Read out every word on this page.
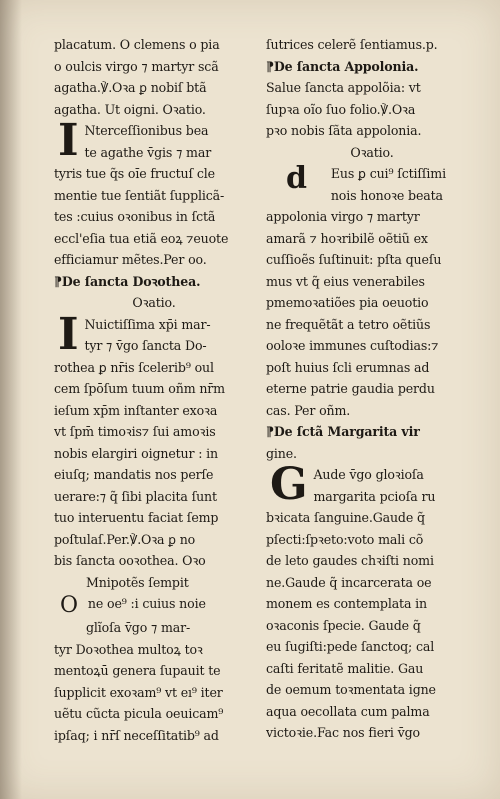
placatum. O clemens o pia
o oulcis virgo ⁊ martyr scã
agatha.℣.Oꝛa ꝑ nobiſ btã
agatha. Ut oigni. Oꝛatio.
I Nterceſſionibus bea
te agathe v̄gis ⁊ mar
tyris tue q̃s oı̄e fructuſ cle
mentie tue ſentiãt ſupplicã-
tes :cuius oꝛonibus in ſctã
eccl'eſia tua etiã eoꝝ ⁊euote
efficiamur mẽtes.Per oo.
⁋De ſancta Doꝛothea.
Oꝛatio.
I Nuictiſſima xp̄i mar-
tyr ⁊ v̄go ſancta Do-
rothea ꝑ nr̄is ſcelerib⁹ oul
cem ſpōſum tuum oñm nr̄m
ieſum xp̄m inſtanter exoꝛa
vt ſpm̄ timoꝛis⁊ ſui amoꝛis
nobis elargiri oignetur : in
eiuſq; mandatis nos perſe
uerare:⁊ q̃ ſibi placita ſunt
tuo interuentu faciat ſemp
poſtulaſ.Per.℣.Oꝛa ꝑ no
bis ſancta ooꝛothea. Oꝛo
Mnipotẽs ſempit
O ne oe⁹ :i cuius noie
glĩoſa v̄go ⁊ mar-
tyr Doꝛothea multoꝝ toꝛ
mentoꝝū genera ſupauit te
ſupplicit exoꝛam⁹ vt eı⁹ iter
uẽtu cũctа picula oeuicam⁹
ipſaq; i nr̄ſ neceſſitatib⁹ ad
ſutrices celerẽ ſentiamus.p.
⁋De ſancta Appolonia.
Salue ſancta appolõia: vt
ſupꝛa oĩo ſuo folio.℣.Oꝛa
pꝛo nobis ſãta appolonia.
Oꝛatio.
d Eus ꝑ cui⁹ ſctiſſimi
nois honoꝛe beata
appolonia virgo ⁊ martyr
amarã ⁊ hoꝛribilẽ oẽtiũ ex
cuſſioẽs ſuſtinuit: pſta queſu
mus vt q̃ eius venerabiles
pmemoꝛatiões pia oeuotio
ne frequẽtãt a tetro oẽtiũs
ooloꝛe immunes cuſtodias:⁊
poſt huius ſcli erumnas ad
eterne patrie gaudia perdu
cas. Per oñm.
⁋De ſctã Margarita vir
gine.
G Aude v̄go gloꝛioſa
margarita pcioſa ru
bꝛicata ſanguine.Gaude q̃
pſecti:ſpꝛeto:voto mali cõ
de leto gaudes chꝛiſti nomi
ne.Gaude q̃ incarcerata oe
monem es contemplata in
oꝛaconis ſpecie. Gaude q̃
eu ſugiſti:pede ſanctoq; cal
caſti feritatẽ malitie. Gau
de oemum toꝛmentata igne
aqua oecollata cum palma
victoꝛie.Fac nos fieri v̄go
